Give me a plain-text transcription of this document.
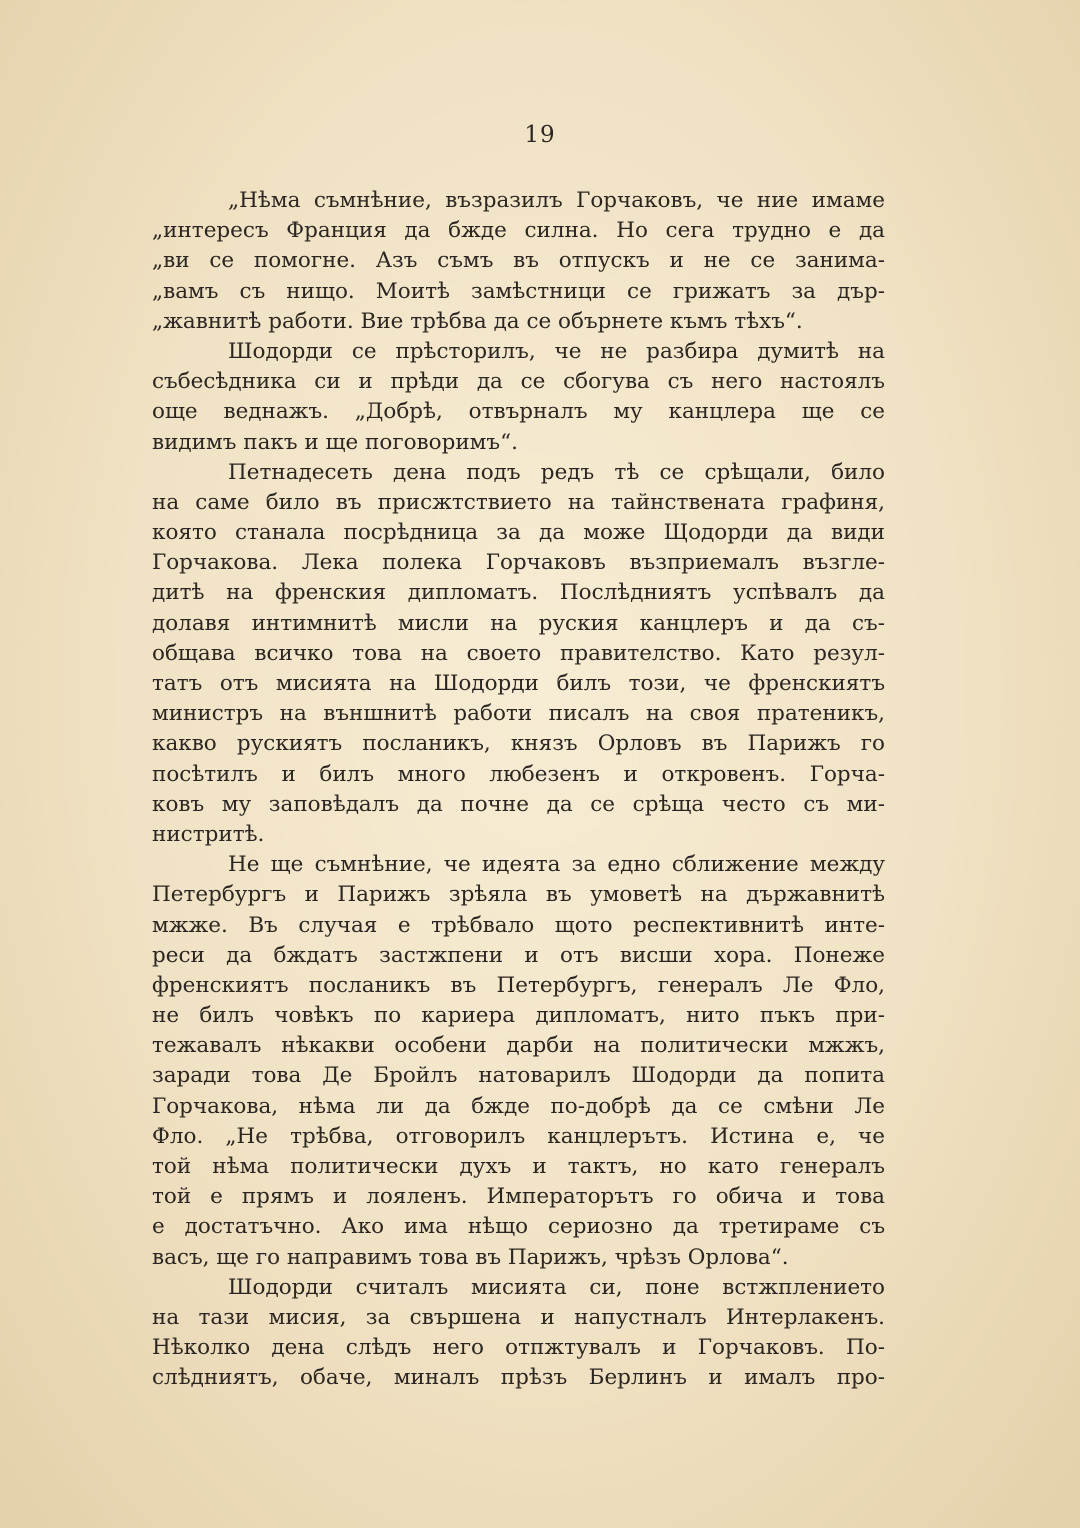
19
„Нѣма съмнѣние, възразилъ Горчаковъ, че ние имаме
„интересъ Франция да бжде силна. Но сега трудно е да
„ви се помогне. Азъ съмъ въ отпускъ и не се занима-
„вамъ съ нищо. Моитѣ замѣстници се грижатъ за дър-
„жавнитѣ работи. Вие трѣбва да се обърнете къмъ тѣхъ“.
Шодорди се прѣсторилъ, че не разбира думитѣ на
събесѣдника си и прѣди да се сбогува съ него настоялъ
още веднажъ. „Добрѣ, отвърналъ му канцлера ще се
видимъ пакъ и ще поговоримъ“.
Петнадесеть дена подъ редъ тѣ се срѣщали, било
на саме било въ присжтствието на тайнствената графиня,
която станала посрѣдница за да може Щодорди да види
Горчакова. Лека полека Горчаковъ възприемалъ възгле-
дитѣ на френския дипломатъ. Послѣдниятъ успѣвалъ да
долавя интимнитѣ мисли на руския канцлеръ и да съ-
общава всичко това на своето правителство. Като резул-
татъ отъ мисията на Шодорди билъ този, че френскиятъ
министръ на външнитѣ работи писалъ на своя пратеникъ,
какво рускиятъ посланикъ, князъ Орловъ въ Парижъ го
посѣтилъ и билъ много любезенъ и откровенъ. Горча-
ковъ му заповѣдалъ да почне да се срѣща често съ ми-
нистритѣ.
Не ще съмнѣние, че идеята за едно сближение между
Петербургъ и Парижъ зрѣяла въ умоветѣ на държавнитѣ
мжже. Въ случая е трѣбвало щото респективнитѣ инте-
реси да бждатъ застжпени и отъ висши хора. Понеже
френскиятъ посланикъ въ Петербургъ, генералъ Ле Фло,
не билъ човѣкъ по кариера дипломатъ, нито пъкъ при-
тежавалъ нѣкакви особени дарби на политически мжжъ,
заради това Де Бройлъ натоварилъ Шодорди да попита
Горчакова, нѣма ли да бжде по-добрѣ да се смѣни Ле
Фло. „Не трѣбва, отговорилъ канцлерътъ. Истина е, че
той нѣма политически духъ и тактъ, но като генералъ
той е прямъ и лояленъ. Императорътъ го обича и това
е достатъчно. Ако има нѣщо сериозно да третираме съ
васъ, ще го направимъ това въ Парижъ, чрѣзъ Орлова“.
Шодорди считалъ мисията си, поне встжплението
на тази мисия, за свършена и напустналъ Интерлакенъ.
Нѣколко дена слѣдъ него отпжтувалъ и Горчаковъ. По-
слѣдниятъ, обаче, миналъ прѣзъ Берлинъ и ималъ про-
